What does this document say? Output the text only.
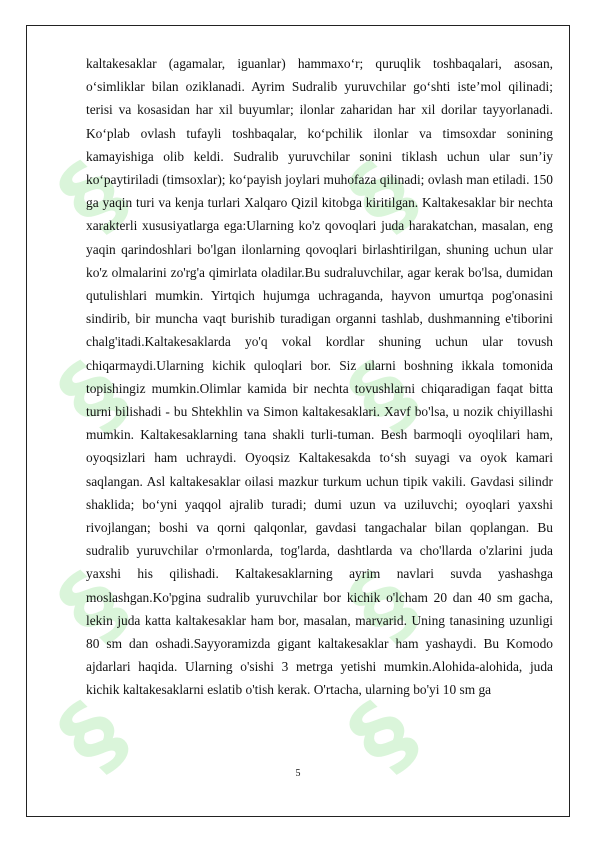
§ §
§ §
§ §
§ §

kaltakesaklar (agamalar, iguanlar) hammaxo‘r; quruqlik toshbaqalari, asosan, o‘simliklar bilan oziklanadi. Ayrim Sudralib yuruvchilar go‘shti iste’mol qilinadi; terisi va kosasidan har xil buyumlar; ilonlar zaharidan har xil dorilar tayyorlanadi. Ko‘plab ovlash tufayli toshbaqalar, ko‘pchilik ilonlar va timsoxdar sonining kamayishiga olib keldi. Sudralib yuruvchilar sonini tiklash uchun ular sun’iy ko‘paytiriladi (timsoxlar); ko‘payish joylari muhofaza qilinadi; ovlash man etiladi. 150 ga yaqin turi va kenja turlari Xalqaro Qizil kitobga kiritilgan. Kaltakesaklar bir nechta xarakterli xususiyatlarga ega:Ularning ko'z qovoqlari juda harakatchan, masalan, eng yaqin qarindoshlari bo'lgan ilonlarning qovoqlari birlashtirilgan, shuning uchun ular ko'z olmalarini zo'rg'a qimirlata oladilar.Bu sudraluvchilar, agar kerak bo'lsa, dumidan qutulishlari mumkin. Yirtqich hujumga uchraganda, hayvon umurtqa pog'onasini sindirib, bir muncha vaqt burishib turadigan organni tashlab, dushmanning e'tiborini chalg'itadi.Kaltakesaklarda yo'q vokal kordlar shuning uchun ular tovush chiqarmaydi.Ularning kichik quloqlari bor. Siz ularni boshning ikkala tomonida topishingiz mumkin.Olimlar kamida bir nechta tovushlarni chiqaradigan faqat bitta turni bilishadi - bu Shtekhlin va Simon kaltakesaklari. Xavf bo'lsa, u nozik chiyillashi mumkin. Kaltakesaklarning tana shakli turli-tuman. Besh barmoqli oyoqlilari ham, oyoqsizlari ham uchraydi. Oyoqsiz Kaltakesakda to‘sh suyagi va oyok kamari saqlangan. Asl kaltakesaklar oilasi mazkur turkum uchun tipik vakili. Gavdasi silindr shaklida; bo‘yni yaqqol ajralib turadi; dumi uzun va uziluvchi; oyoqlari yaxshi rivojlangan; boshi va qorni qalqonlar, gavdasi tangachalar bilan qoplangan. Bu sudralib yuruvchilar o'rmonlarda, tog'larda, dashtlarda va cho'llarda o'zlarini juda yaxshi his qilishadi. Kaltakesaklarning ayrim navlari suvda yashashga moslashgan.Ko'pgina sudralib yuruvchilar bor kichik o'lcham 20 dan 40 sm gacha, lekin juda katta kaltakesaklar ham bor, masalan, marvarid. Uning tanasining uzunligi 80 sm dan oshadi.Sayyoramizda gigant kaltakesaklar ham yashaydi. Bu Komodo ajdarlari haqida. Ularning o'sishi 3 metrga yetishi mumkin.Alohida-alohida, juda kichik kaltakesaklarni eslatib o'tish kerak. O'rtacha, ularning bo'yi 10 sm ga

5
